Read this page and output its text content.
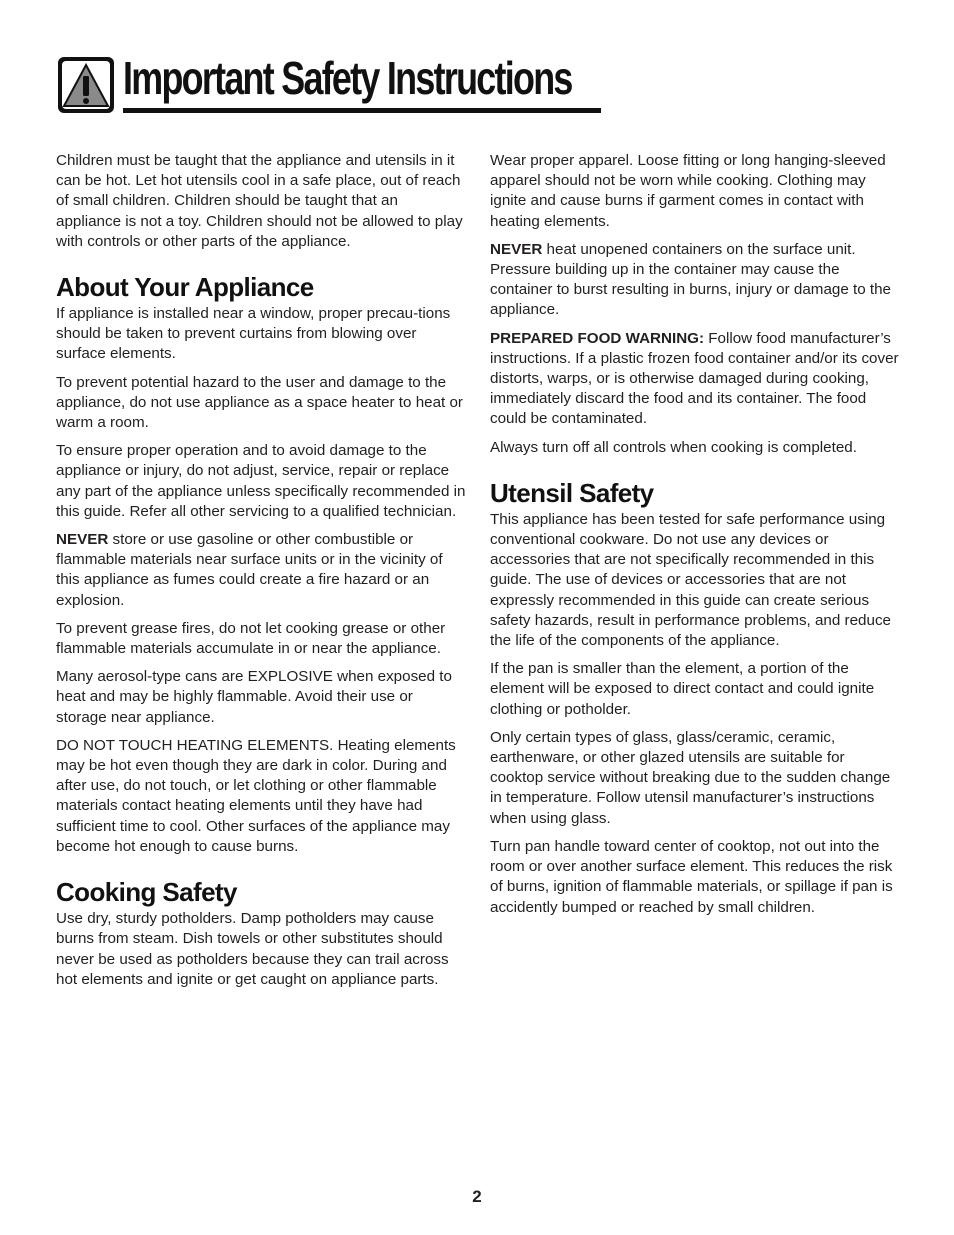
Important Safety Instructions

Children must be taught that the appliance and utensils in it can be hot. Let hot utensils cool in a safe place, out of reach of small children. Children should be taught that an appliance is not a toy. Children should not be allowed to play with controls or other parts of the appliance.

About Your Appliance

If appliance is installed near a window, proper precau-tions should be taken to prevent curtains from blowing over surface elements.

To prevent potential hazard to the user and damage to the appliance, do not use appliance as a space heater to heat or warm a room.

To ensure proper operation and to avoid damage to the appliance or injury, do not adjust, service, repair or replace any part of the appliance unless specifically recommended in this guide. Refer all other servicing to a qualified technician.

NEVER store or use gasoline or other combustible or flammable materials near surface units or in the vicinity of this appliance as fumes could create a fire hazard or an explosion.

To prevent grease fires, do not let cooking grease or other flammable materials accumulate in or near the appliance.

Many aerosol-type cans are EXPLOSIVE when exposed to heat and may be highly flammable. Avoid their use or storage near appliance.

DO NOT TOUCH HEATING ELEMENTS. Heating elements may be hot even though they are dark in color. During and after use, do not touch, or let clothing or other flammable materials contact heating elements until they have had sufficient time to cool. Other surfaces of the appliance may become hot enough to cause burns.

Cooking Safety

Use dry, sturdy potholders. Damp potholders may cause burns from steam. Dish towels or other substitutes should never be used as potholders because they can trail across hot elements and ignite or get caught on appliance parts.

Wear proper apparel. Loose fitting or long hanging-sleeved apparel should not be worn while cooking. Clothing may ignite and cause burns if garment comes in contact with heating elements.

NEVER heat unopened containers on the surface unit. Pressure building up in the container may cause the container to burst resulting in burns, injury or damage to the appliance.

PREPARED FOOD WARNING: Follow food manufacturer’s instructions. If a plastic frozen food container and/or its cover distorts, warps, or is otherwise damaged during cooking, immediately discard the food and its container. The food could be contaminated.

Always turn off all controls when cooking is completed.

Utensil Safety

This appliance has been tested for safe performance using conventional cookware. Do not use any devices or accessories that are not specifically recommended in this guide. The use of devices or accessories that are not expressly recommended in this guide can create serious safety hazards, result in performance problems, and reduce the life of the components of the appliance.

If the pan is smaller than the element, a portion of the element will be exposed to direct contact and could ignite clothing or potholder.

Only certain types of glass, glass/ceramic, ceramic, earthenware, or other glazed utensils are suitable for cooktop service without breaking due to the sudden change in temperature. Follow utensil manufacturer’s instructions when using glass.

Turn pan handle toward center of cooktop, not out into the room or over another surface element. This reduces the risk of burns, ignition of flammable materials, or spillage if pan is accidently bumped or reached by small children.

2
